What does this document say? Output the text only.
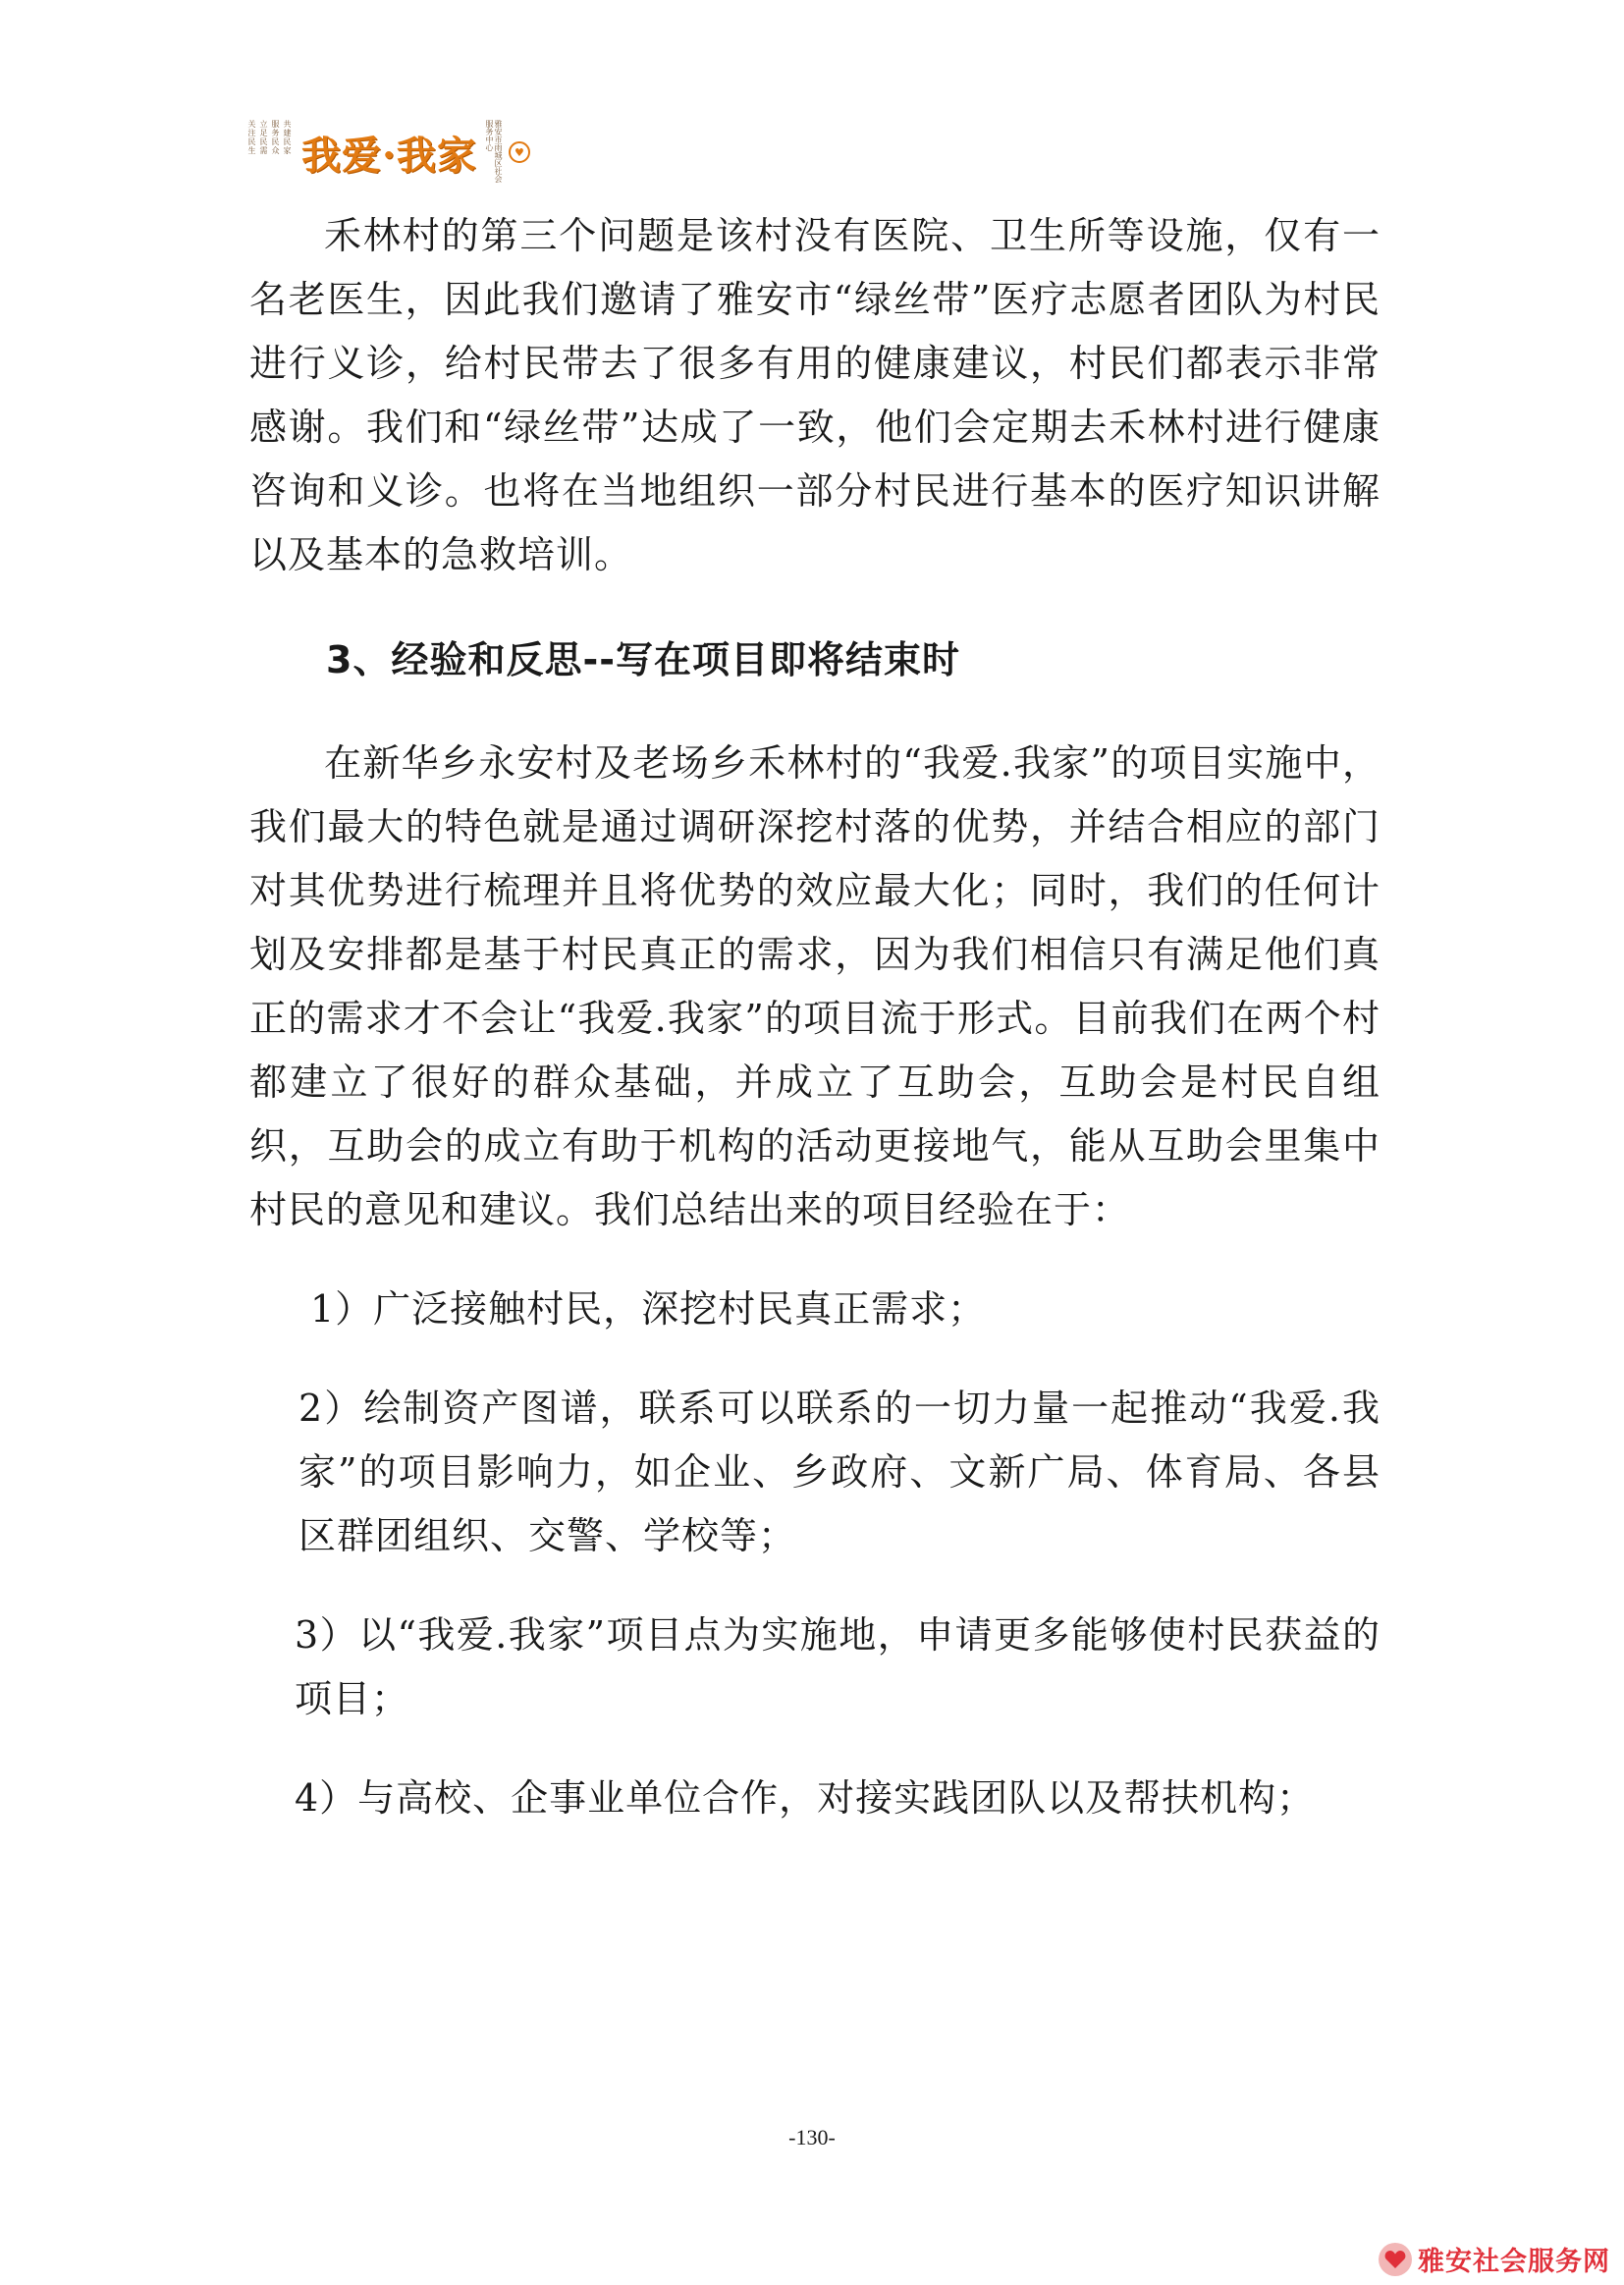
关注民生 立足民需 服务民众 共建民家 我爱·我家	雅安市雨城区社会服务中心
♥

禾林村的第三个问题是该村没有医院、卫生所等设施，仅有一名老医生，因此我们邀请了雅安市“绿丝带”医疗志愿者团队为村民进行义诊，给村民带去了很多有用的健康建议，村民们都表示非常感谢。我们和“绿丝带”达成了一致，他们会定期去禾林村进行健康咨询和义诊。也将在当地组织一部分村民进行基本的医疗知识讲解以及基本的急救培训。

3、经验和反思--写在项目即将结束时

在新华乡永安村及老场乡禾林村的“我爱.我家”的项目实施中，我们最大的特色就是通过调研深挖村落的优势，并结合相应的部门对其优势进行梳理并且将优势的效应最大化；同时，我们的任何计划及安排都是基于村民真正的需求，因为我们相信只有满足他们真正的需求才不会让“我爱.我家”的项目流于形式。目前我们在两个村都建立了很好的群众基础，并成立了互助会，互助会是村民自组织，互助会的成立有助于机构的活动更接地气，能从互助会里集中村民的意见和建议。我们总结出来的项目经验在于：

1）广泛接触村民，深挖村民真正需求；

2）绘制资产图谱，联系可以联系的一切力量一起推动“我爱.我家”的项目影响力，如企业、乡政府、文新广局、体育局、各县区群团组织、交警、学校等；

3）以“我爱.我家”项目点为实施地，申请更多能够使村民获益的项目；

4）与高校、企事业单位合作，对接实践团队以及帮扶机构；

-130-
雅安社会服务网
